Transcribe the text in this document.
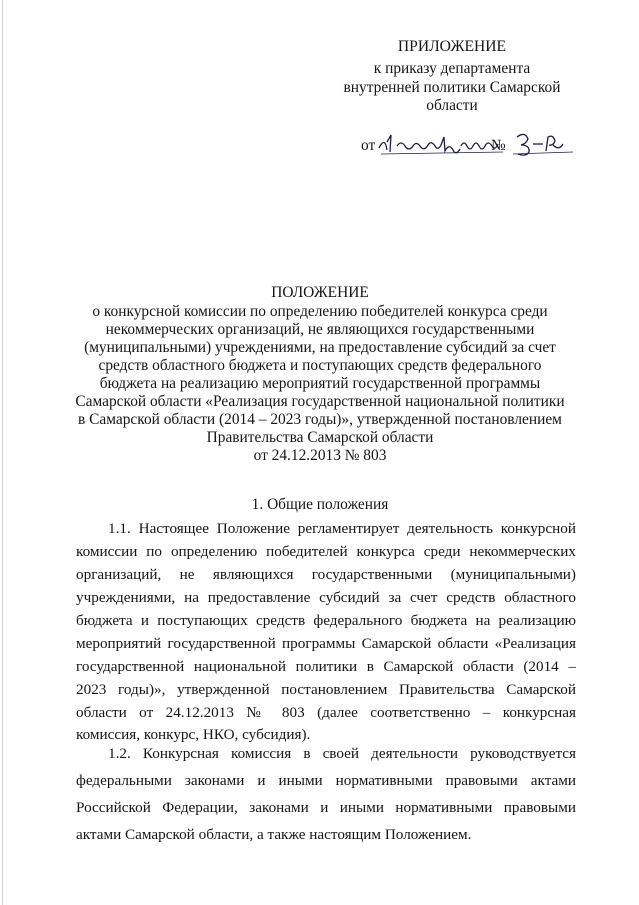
ПРИЛОЖЕНИЕ
к приказу департамента
внутренней политики Самарской
области
от	№
ПОЛОЖЕНИЕ
о конкурсной комиссии по определению победителей конкурса среди
некоммерческих организаций, не являющихся государственными
(муниципальными) учреждениями, на предоставление субсидий за счет
средств областного бюджета и поступающих средств федерального
бюджета на реализацию мероприятий государственной программы
Самарской области «Реализация государственной национальной политики
в Самарской области (2014 – 2023 годы)», утвержденной постановлением
Правительства Самарской области
от 24.12.2013 № 803
1. Общие положения
1.1. Настоящее Положение регламентирует деятельность конкурсной
комиссии по определению победителей конкурса среди некоммерческих
организаций, не являющихся государственными (муниципальными)
учреждениями, на предоставление субсидий за счет средств областного
бюджета и поступающих средств федерального бюджета на реализацию
мероприятий государственной программы Самарской области «Реализация
государственной национальной политики в Самарской области (2014 –
2023 годы)», утвержденной постановлением Правительства Самарской
области от 24.12.2013 № 803 (далее соответственно – конкурсная
комиссия, конкурс, НКО, субсидия).
1.2. Конкурсная комиссия в своей деятельности руководствуется
федеральными законами и иными нормативными правовыми актами
Российской Федерации, законами и иными нормативными правовыми
актами Самарской области, а также настоящим Положением.
